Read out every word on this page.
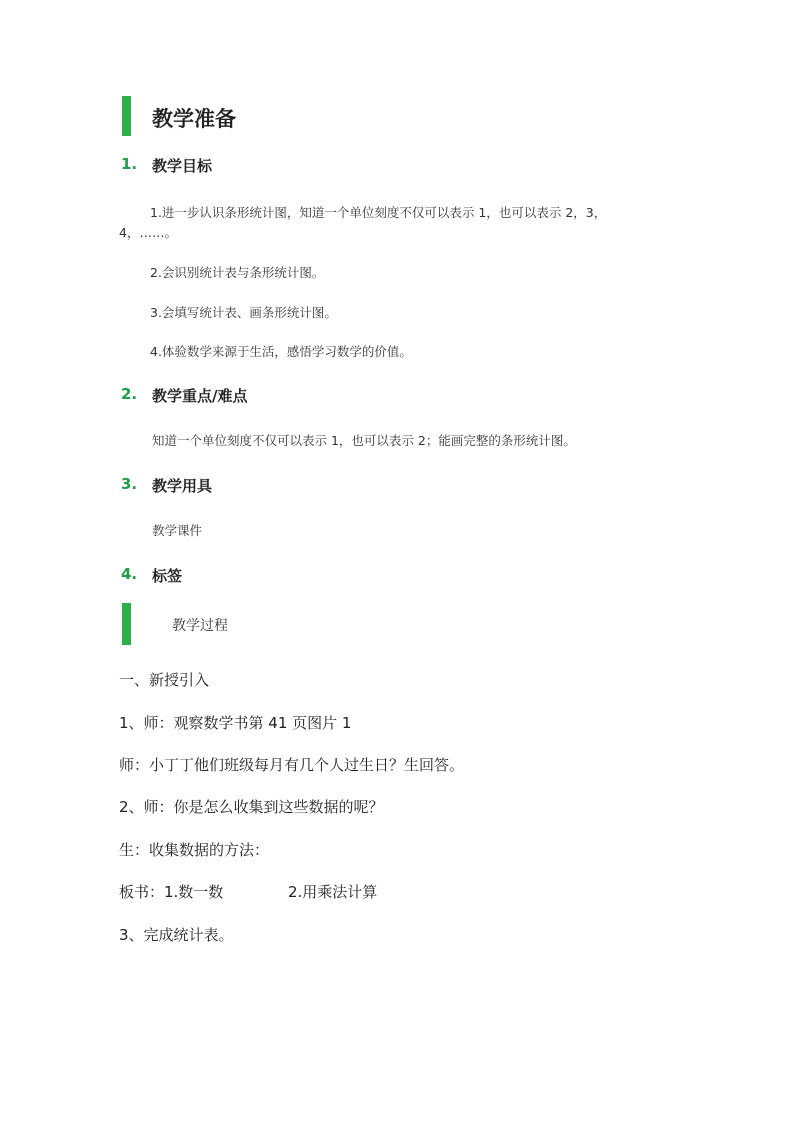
教学准备
1. 教学目标
1.进一步认识条形统计图，知道一个单位刻度不仅可以表示 1，也可以表示 2，3，
4，……。
2.会识别统计表与条形统计图。
3.会填写统计表、画条形统计图。
4.体验数学来源于生活，感悟学习数学的价值。
2. 教学重点/难点
知道一个单位刻度不仅可以表示 1，也可以表示 2；能画完整的条形统计图。
3. 教学用具
教学课件
4. 标签
教学过程
一、新授引入
1、师：观察数学书第 41 页图片 1
师：小丁丁他们班级每月有几个人过生日？生回答。
2、师：你是怎么收集到这些数据的呢？
生：收集数据的方法：
板书：1.数一数	2.用乘法计算
3、完成统计表。
